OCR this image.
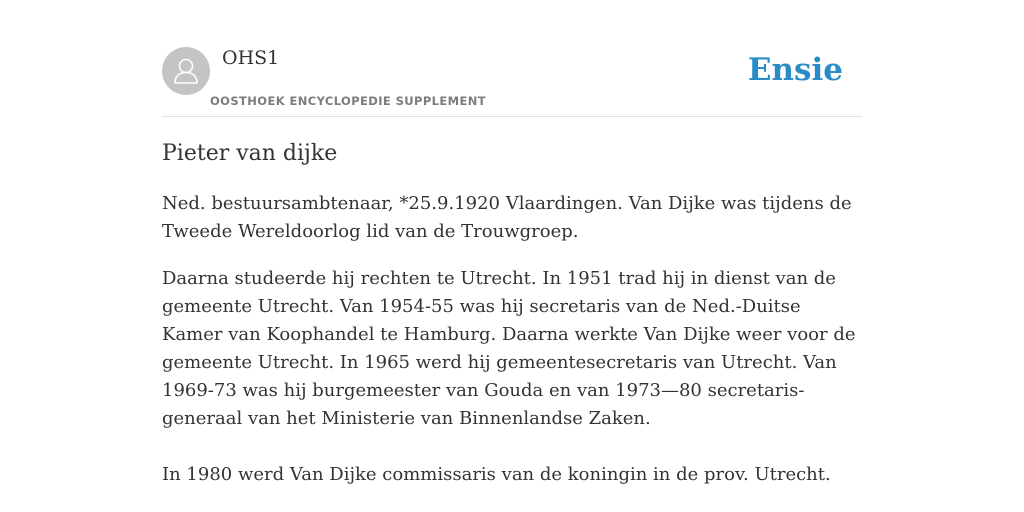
OHS1

OOSTHOEK ENCYCLOPEDIE SUPPLEMENT

Ensie
Pieter van dijke

Ned. bestuursambtenaar, *25.9.1920 Vlaardingen. Van Dijke was tijdens de Tweede Wereldoorlog lid van de Trouwgroep.

Daarna studeerde hij rechten te Utrecht. In 1951 trad hij in dienst van de gemeente Utrecht. Van 1954-55 was hij secretaris van de Ned.-Duitse Kamer van Koophandel te Hamburg. Daarna werkte Van Dijke weer voor de gemeente Utrecht. In 1965 werd hij gemeentesecretaris van Utrecht. Van 1969-73 was hij burgemeester van Gouda en van 1973—80 secretaris-generaal van het Ministerie van Binnenlandse Zaken.

In 1980 werd Van Dijke commissaris van de koningin in de prov. Utrecht.
